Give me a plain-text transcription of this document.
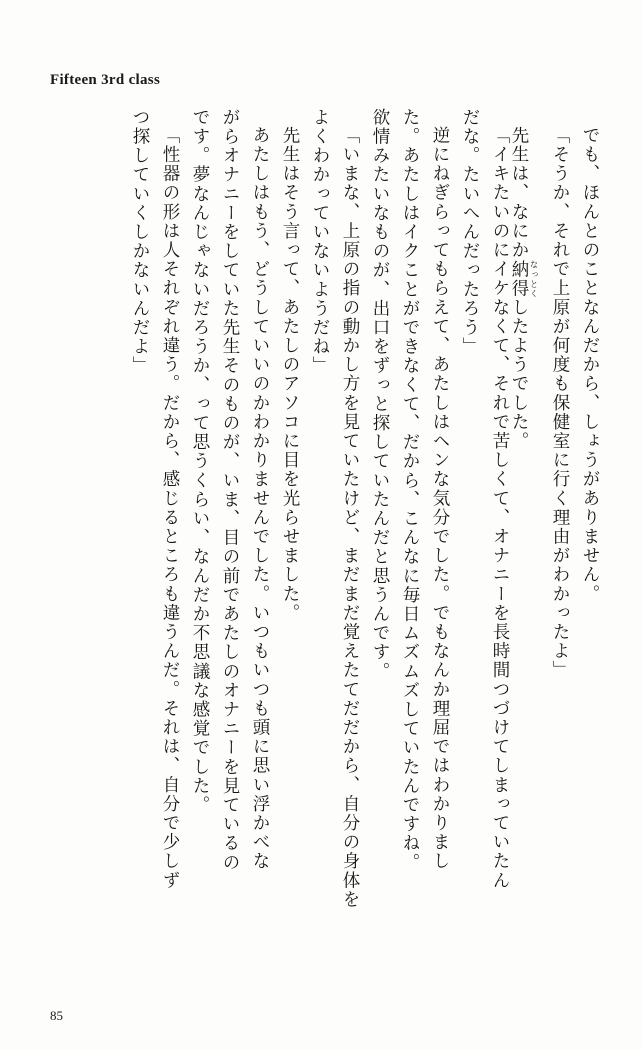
Fifteen 3rd class
でも、ほんとのことなんだから、しょうがありません。
「そうか、それで上原が何度も保健室に行く理由がわかったよ」
先生は、なにか納得 なっとくしたようでした。
「イキたいのにイケなくて、それで苦しくて、オナニーを長時間つづけてしまっていたん
だな。たいへんだったろう」
逆にねぎらってもらえて、あたしはヘンな気分でした。でもなんか理屈ではわかりまし
た。あたしはイクことができなくて、だから、こんなに毎日ムズムズしていたんですね。
欲情みたいなものが、出口をずっと探していたんだと思うんです。
「いまな、上原の指の動かし方を見ていたけど、まだまだ覚えたてだだから、自分の身体を
よくわかっていないようだね」
先生はそう言って、あたしのアソコに目を光らせました。
あたしはもう、どうしていいのかわかりませんでした。いつもいつも頭に思い浮かべな
がらオナニーをしていた先生そのものが、いま、目の前であたしのオナニーを見ているの
です。夢なんじゃないだろうか、って思うくらい、なんだか不思議な感覚でした。
「性器の形は人それぞれ違う。だから、感じるところも違うんだ。それは、自分で少しず
つ探していくしかないんだよ」
85
